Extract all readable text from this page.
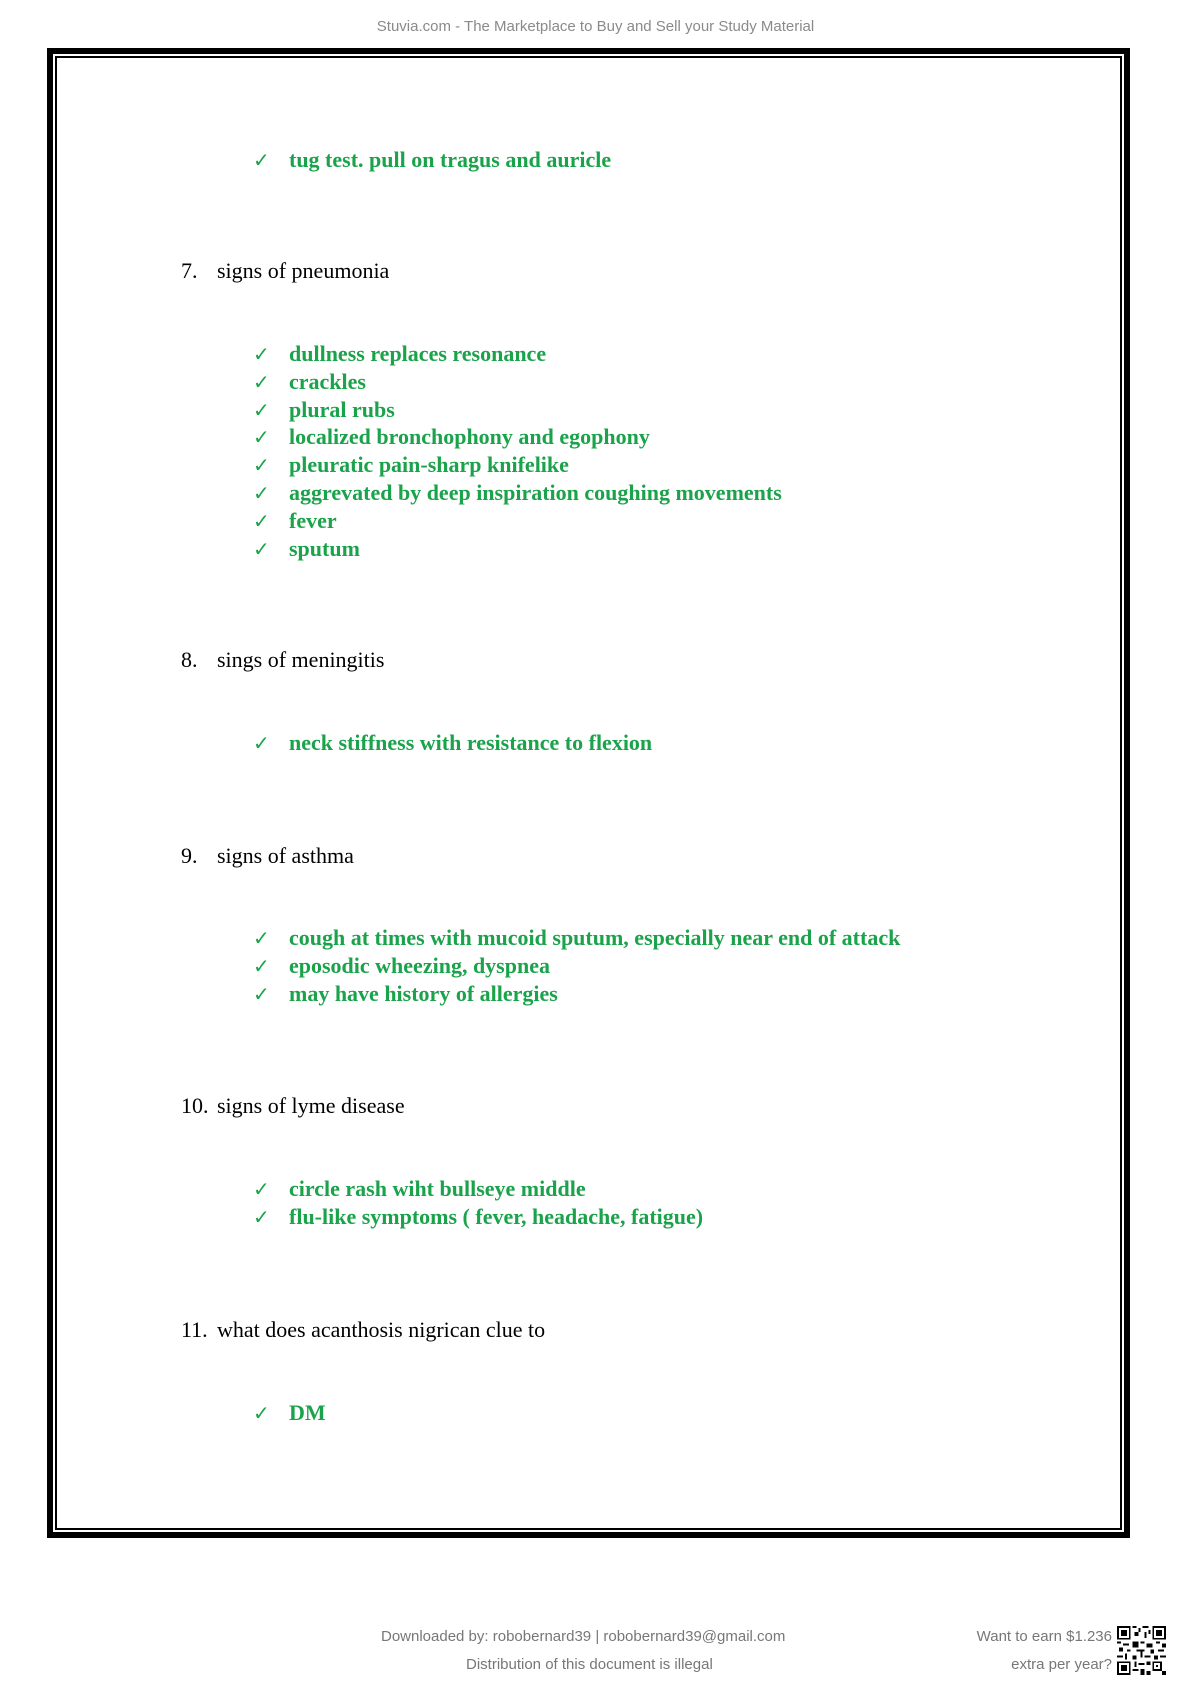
Stuvia.com - The Marketplace to Buy and Sell your Study Material
✓ tug test. pull on tragus and auricle
7. signs of pneumonia
✓ dullness replaces resonance
✓ crackles
✓ plural rubs
✓ localized bronchophony and egophony
✓ pleuratic pain-sharp knifelike
✓ aggrevated by deep inspiration coughing movements
✓ fever
✓ sputum
8. sings of meningitis
✓ neck stiffness with resistance to flexion
9. signs of asthma
✓ cough at times with mucoid sputum, especially near end of attack
✓ eposodic wheezing, dyspnea
✓ may have history of allergies
10. signs of lyme disease
✓ circle rash wiht bullseye middle
✓ flu-like symptoms ( fever, headache, fatigue)
11. what does acanthosis nigrican clue to
✓ DM
Downloaded by: robobernard39 | robobernard39@gmail.com
Distribution of this document is illegal
Want to earn $1.236
extra per year?
